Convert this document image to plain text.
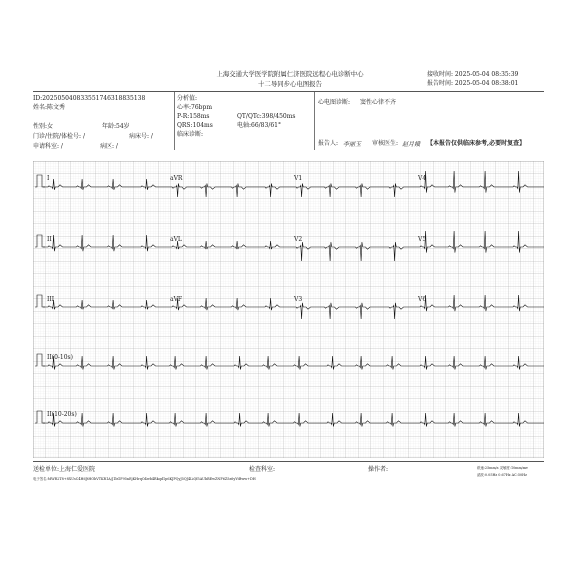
上海交通大学医学院附属仁济医院远程心电诊断中心
十二导同步心电图报告
接收时间: 2025-05-04 08:35:39
报告时间: 2025-05-04 08:38:01
ID:202505040833551746318835138
姓名:陈文秀
性别:女	年龄:54岁
门诊/住院/体检号: /	病床号: /
申请科室: /	病区: /
分析值:
心率:76bpm
P-R:158ms
QRS:104ms
QT/QTc:398/450ms
电轴:66/83/61°
临床诊断:
心电图诊断: 窦性心律不齐
报告人: 李丽玉 审核医生: 赵月娥 【本报告仅供临床参考,必要时复查】
I	aVR	V1	V4
II	aVL	V2	V5
III	aVF	V3	V6
II(0-10s)
II(10-20s)
送检单位:上海仁爱医院	检查科室:	操作者:	纸速:25mm/s 灵敏度:10mm/mv
滤波:0.05Hz 0.67Hz AC:50Hz
电子签名:MWR2T8+8XUsC4H6JtHObVTKR1A/J1bGF95nEjKHrqO4wb4Rkqd1p6KJPQyJ5QJ4LiQf5AUbBEwZNF6Z5z6yYtBww+DH
